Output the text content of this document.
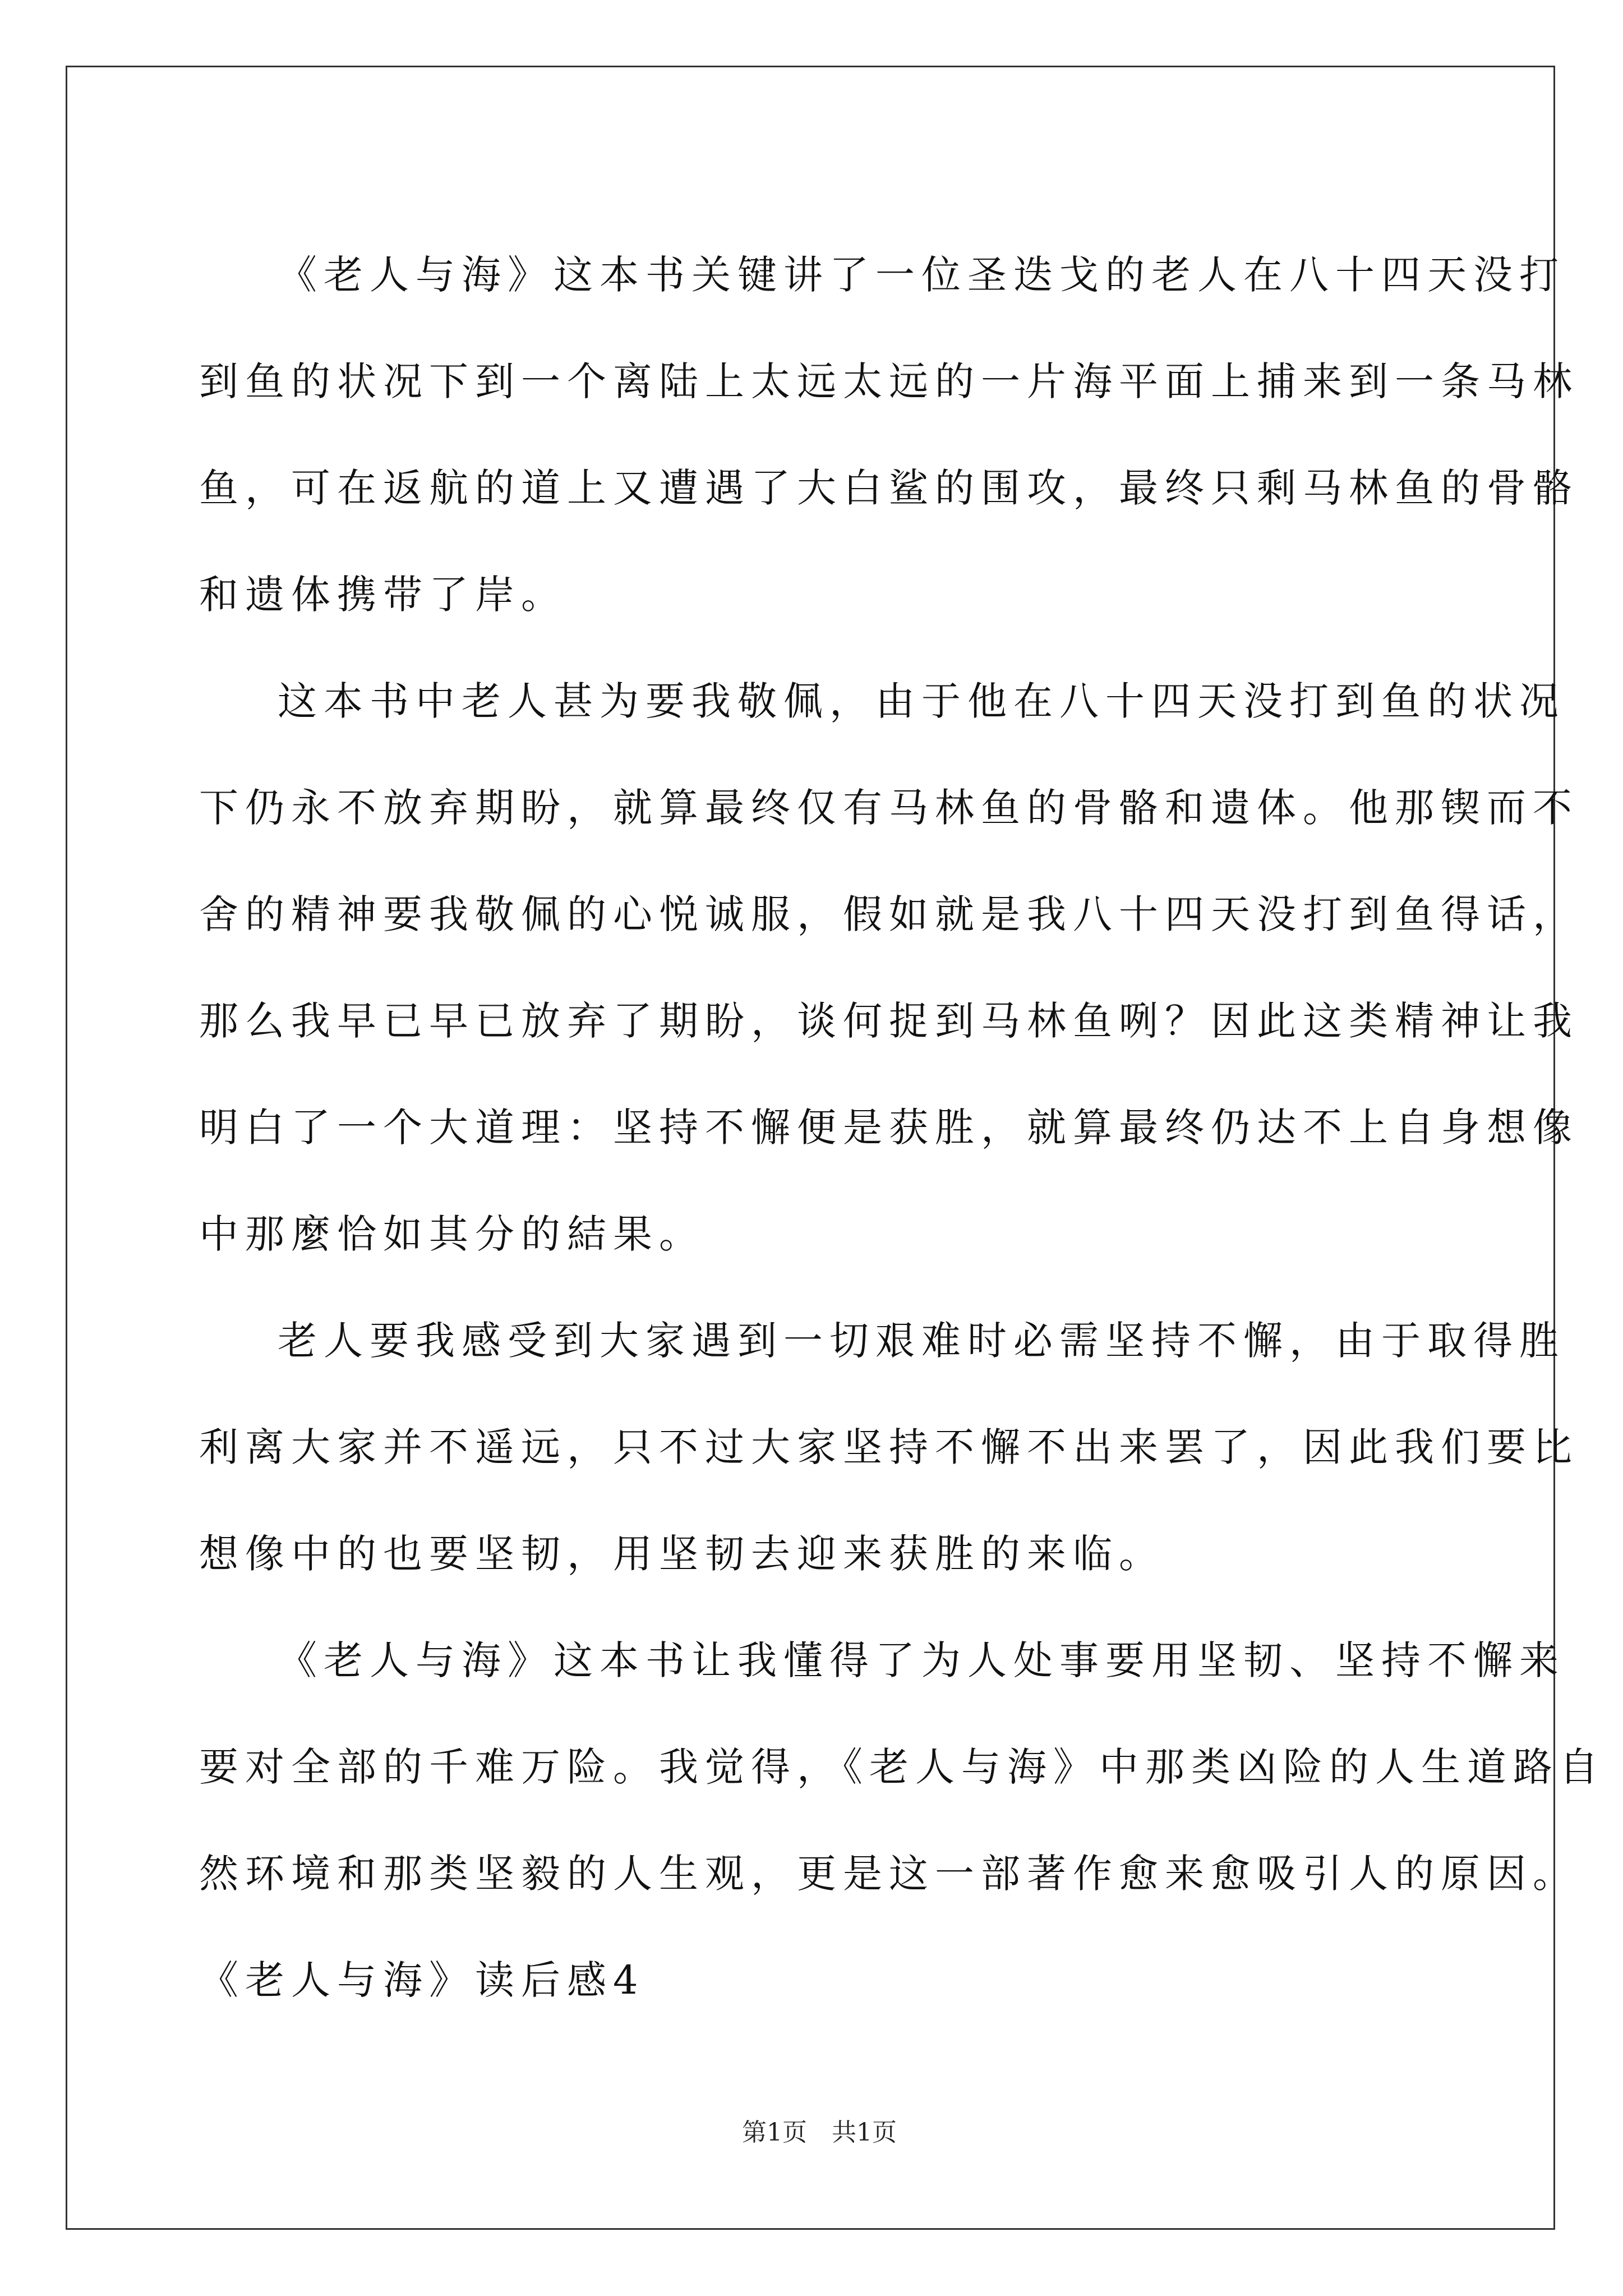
《老人与海》这本书关键讲了一位圣迭戈的老人在八十四天没打
到鱼的状况下到一个离陆上太远太远的一片海平面上捕来到一条马林
鱼，可在返航的道上又遭遇了大白鲨的围攻，最终只剩马林鱼的骨骼
和遗体携带了岸。
这本书中老人甚为要我敬佩，由于他在八十四天没打到鱼的状况
下仍永不放弃期盼，就算最终仅有马林鱼的骨骼和遗体。他那锲而不
舍的精神要我敬佩的心悦诚服，假如就是我八十四天没打到鱼得话，
那么我早已早已放弃了期盼，谈何捉到马林鱼咧？因此这类精神让我
明白了一个大道理：坚持不懈便是获胜，就算最终仍达不上自身想像
中那麼恰如其分的結果。
老人要我感受到大家遇到一切艰难时必需坚持不懈，由于取得胜
利离大家并不遥远，只不过大家坚持不懈不出来罢了，因此我们要比
想像中的也要坚韧，用坚韧去迎来获胜的来临。
《老人与海》这本书让我懂得了为人处事要用坚韧、坚持不懈来
要对全部的千难万险。我觉得，《老人与海》中那类凶险的人生道路自
然环境和那类坚毅的人生观，更是这一部著作愈来愈吸引人的原因。
《老人与海》读后感4

第1页　共1页
